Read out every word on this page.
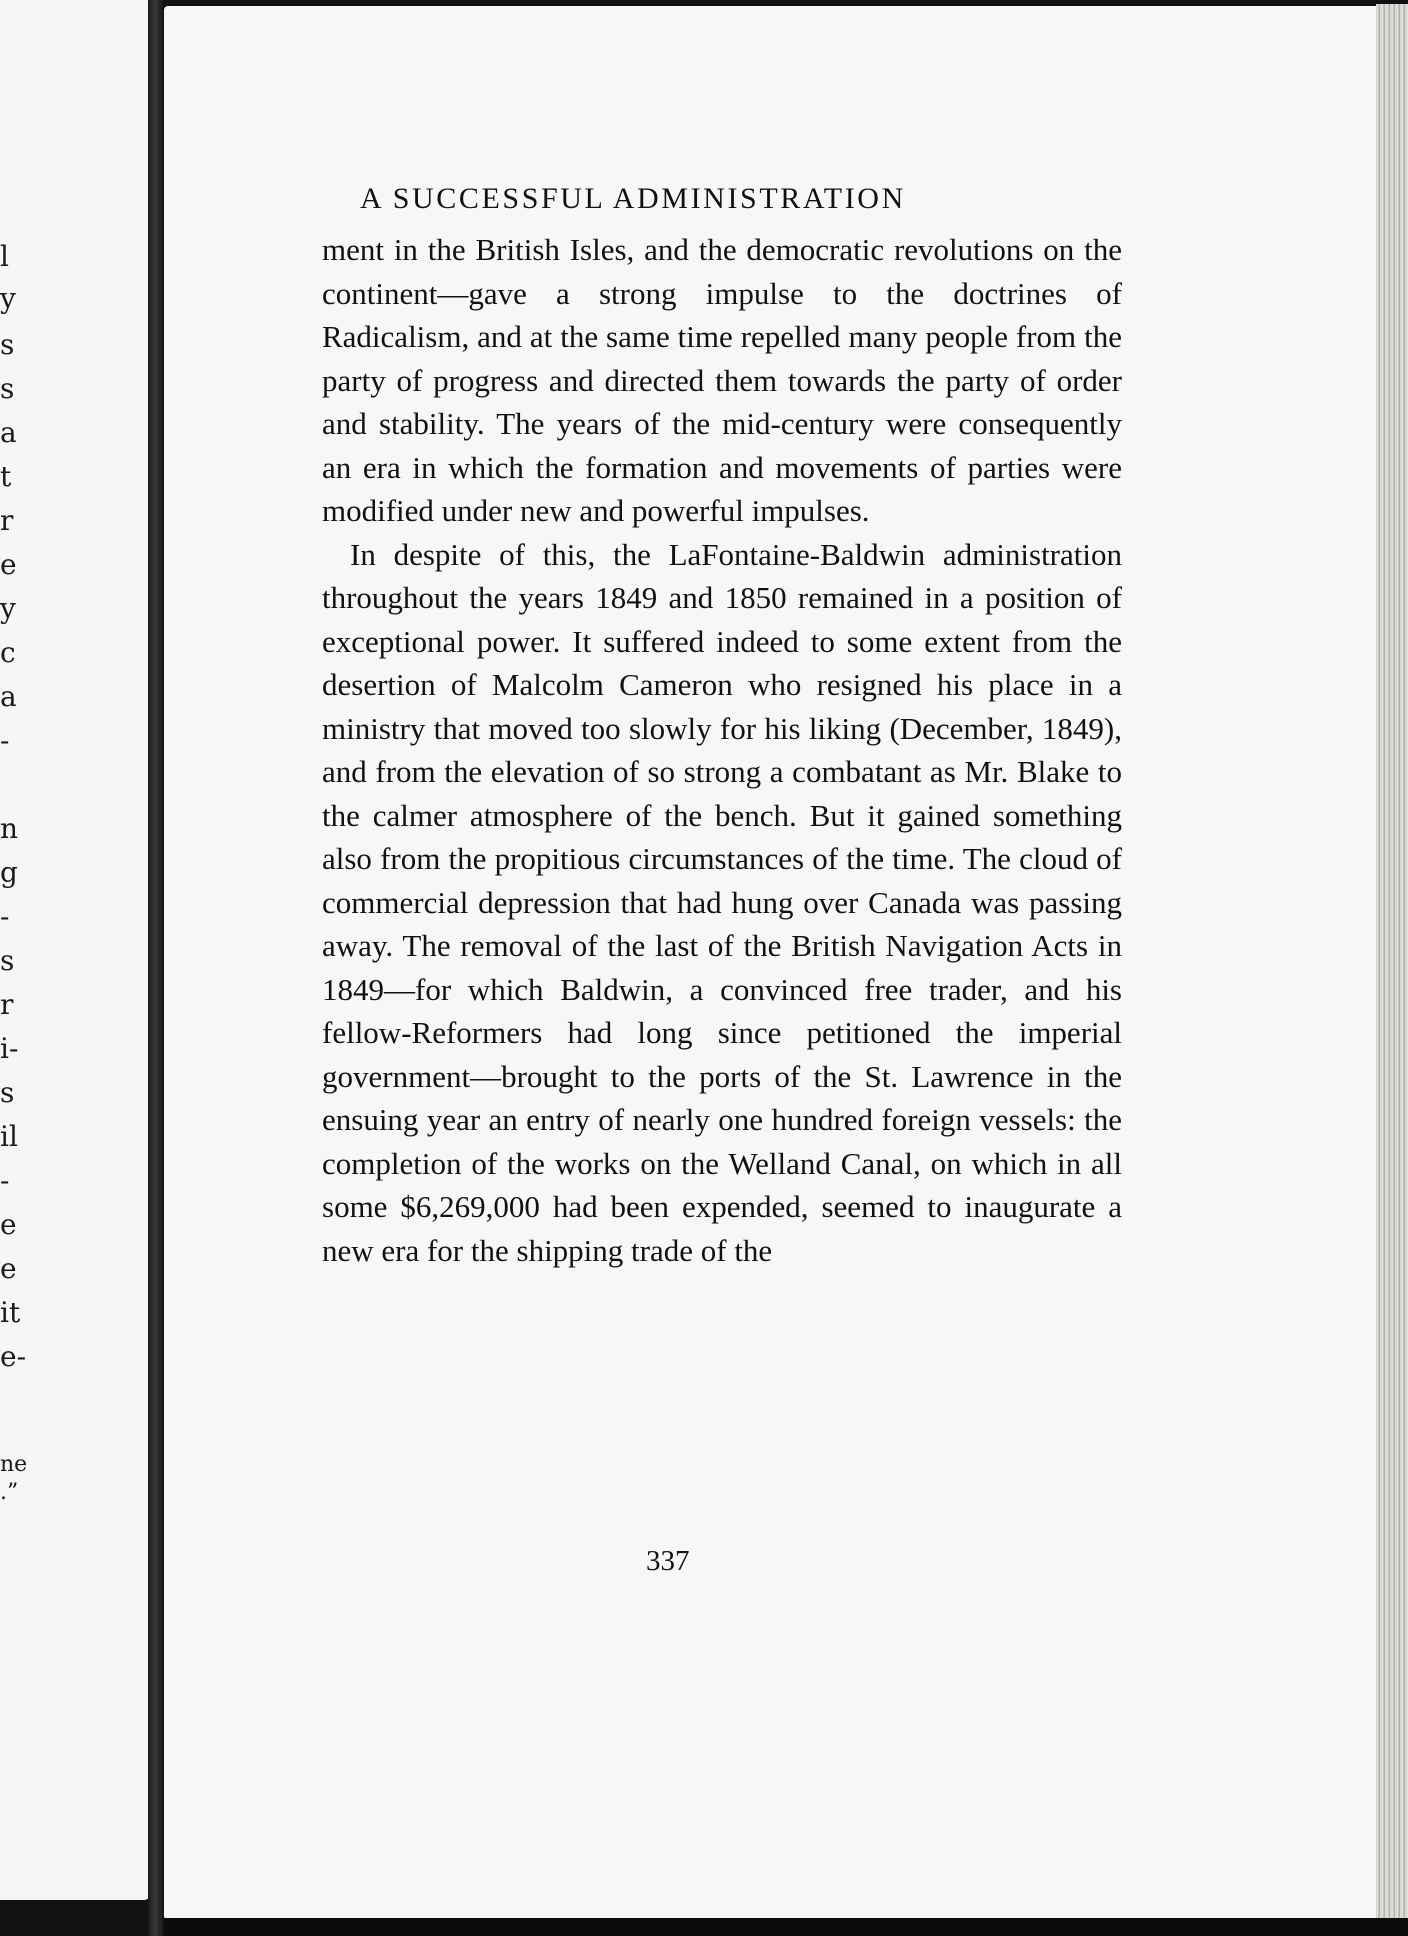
l
y
s
s
a
t
r
e
y
c
a
-
n
g
-
s
r
i-
s
il
-
e
e
it
e-
ne
.”
A SUCCESSFUL ADMINISTRATION

ment in the British Isles, and the democratic revolutions on the continent—gave a strong impulse to the doctrines of Radicalism, and at the same time repelled many people from the party of progress and directed them towards the party of order and stability. The years of the mid-century were consequently an era in which the formation and movements of parties were modified under new and powerful impulses.

In despite of this, the LaFontaine-Baldwin administration throughout the years 1849 and 1850 remained in a position of exceptional power. It suffered indeed to some extent from the desertion of Malcolm Cameron who resigned his place in a ministry that moved too slowly for his liking (December, 1849), and from the elevation of so strong a combatant as Mr. Blake to the calmer atmosphere of the bench. But it gained something also from the propitious circumstances of the time. The cloud of commercial depression that had hung over Canada was passing away. The removal of the last of the British Navigation Acts in 1849—for which Baldwin, a convinced free trader, and his fellow-Reformers had long since petitioned the imperial government—brought to the ports of the St. Lawrence in the ensuing year an entry of nearly one hundred foreign vessels: the completion of the works on the Welland Canal, on which in all some $6,269,000 had been expended, seemed to inaugurate a new era for the shipping trade of the

337
